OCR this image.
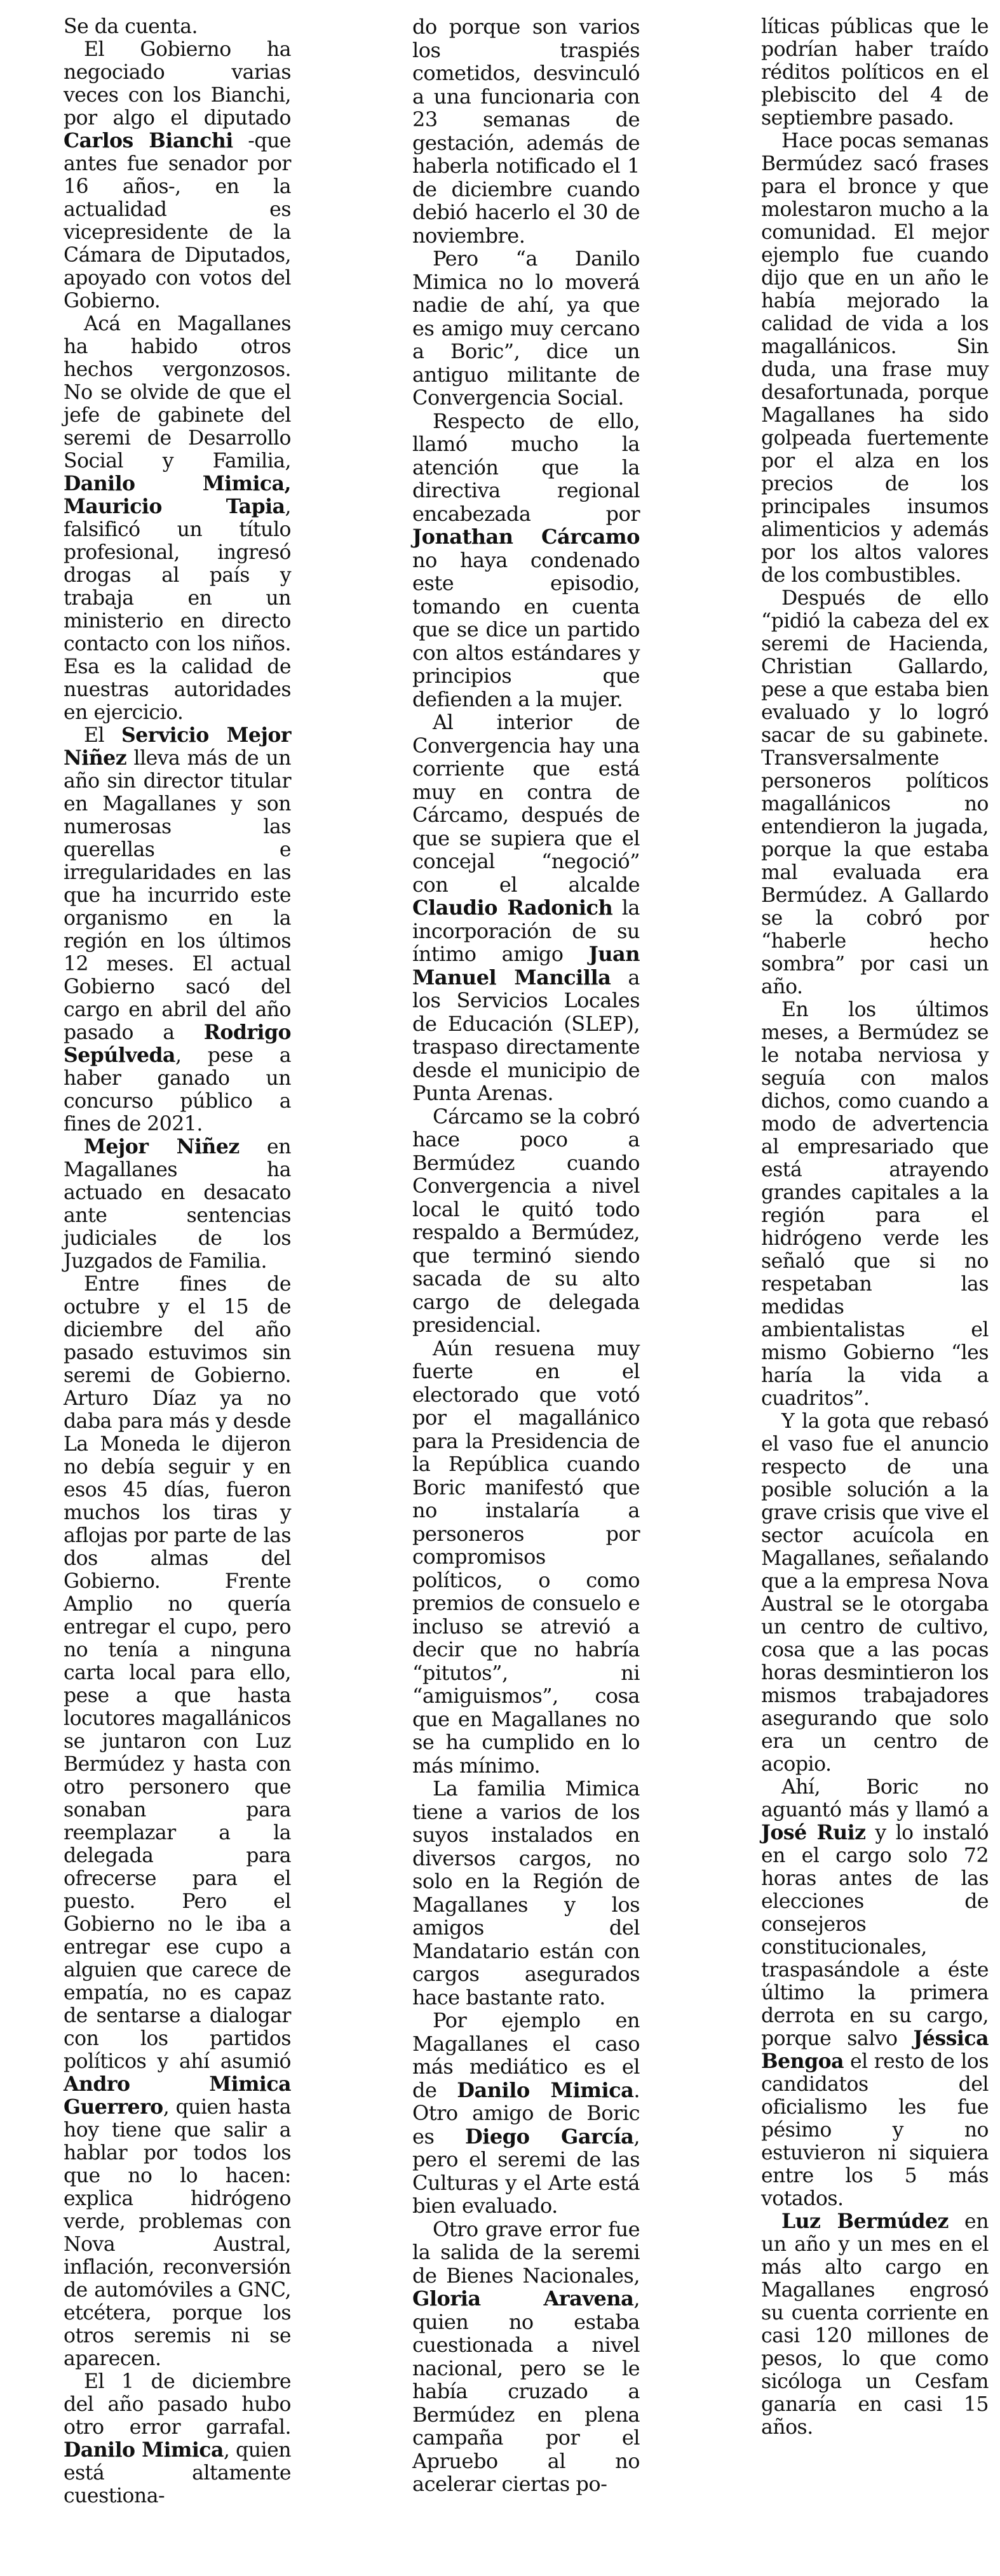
Se da cuenta.

El Gobierno ha negociado varias veces con los Bianchi, por algo el diputado Carlos Bianchi -que antes fue senador por 16 años-, en la actualidad es vicepresidente de la Cámara de Diputados, apoyado con votos del Gobierno.

Acá en Magallanes ha habido otros hechos vergonzosos. No se olvide de que el jefe de gabinete del seremi de Desarrollo Social y Familia, Danilo Mimica, Mauricio Tapia, falsificó un título profesional, ingresó drogas al país y trabaja en un ministerio en directo contacto con los niños. Esa es la calidad de nuestras autoridades en ejercicio.

El Servicio Mejor Niñez lleva más de un año sin director titular en Magallanes y son numerosas las querellas e irregularidades en las que ha incurrido este organismo en la región en los últimos 12 meses. El actual Gobierno sacó del cargo en abril del año pasado a Rodrigo Sepúlveda, pese a haber ganado un concurso público a fines de 2021.

Mejor Niñez en Magallanes ha actuado en desacato ante sentencias judiciales de los Juzgados de Familia.

Entre fines de octubre y el 15 de diciembre del año pasado estuvimos sin seremi de Gobierno. Arturo Díaz ya no daba para más y desde La Moneda le dijeron no debía seguir y en esos 45 días, fueron muchos los tiras y aflojas por parte de las dos almas del Gobierno. Frente Amplio no quería entregar el cupo, pero no tenía a ninguna carta local para ello, pese a que hasta locutores magallánicos se juntaron con Luz Bermúdez y hasta con otro personero que sonaban para reemplazar a la delegada para ofrecerse para el puesto. Pero el Gobierno no le iba a entregar ese cupo a alguien que carece de empatía, no es capaz de sentarse a dialogar con los partidos políticos y ahí asumió Andro Mimica Guerrero, quien hasta hoy tiene que salir a hablar por todos los que no lo hacen: explica hidrógeno verde, problemas con Nova Austral, inflación, reconversión de automóviles a GNC, etcétera, porque los otros seremis ni se aparecen.

El 1 de diciembre del año pasado hubo otro error garrafal. Danilo Mimica, quien está altamente cuestiona-

do porque son varios los traspiés cometidos, desvinculó a una funcionaria con 23 semanas de gestación, además de haberla notificado el 1 de diciembre cuando debió hacerlo el 30 de noviembre.

Pero “a Danilo Mimica no lo moverá nadie de ahí, ya que es amigo muy cercano a Boric”, dice un antiguo militante de Convergencia Social.

Respecto de ello, llamó mucho la atención que la directiva regional encabezada por Jonathan Cárcamo no haya condenado este episodio, tomando en cuenta que se dice un partido con altos estándares y principios que defienden a la mujer.

Al interior de Convergencia hay una corriente que está muy en contra de Cárcamo, después de que se supiera que el concejal “negoció” con el alcalde Claudio Radonich la incorporación de su íntimo amigo Juan Manuel Mancilla a los Servicios Locales de Educación (SLEP), traspaso directamente desde el municipio de Punta Arenas.

Cárcamo se la cobró hace poco a Bermúdez cuando Convergencia a nivel local le quitó todo respaldo a Bermúdez, que terminó siendo sacada de su alto cargo de delegada presidencial.

Aún resuena muy fuerte en el electorado que votó por el magallánico para la Presidencia de la República cuando Boric manifestó que no instalaría a personeros por compromisos políticos, o como premios de consuelo e incluso se atrevió a decir que no habría “pitutos”, ni “amiguismos”, cosa que en Magallanes no se ha cumplido en lo más mínimo.

La familia Mimica tiene a varios de los suyos instalados en diversos cargos, no solo en la Región de Magallanes y los amigos del Mandatario están con cargos asegurados hace bastante rato.

Por ejemplo en Magallanes el caso más mediático es el de Danilo Mimica. Otro amigo de Boric es Diego García, pero el seremi de las Culturas y el Arte está bien evaluado.

Otro grave error fue la salida de la seremi de Bienes Nacionales, Gloria Aravena, quien no estaba cuestionada a nivel nacional, pero se le había cruzado a Bermúdez en plena campaña por el Apruebo al no acelerar ciertas po-

líticas públicas que le podrían haber traído réditos políticos en el plebiscito del 4 de septiembre pasado.

Hace pocas semanas Bermúdez sacó frases para el bronce y que molestaron mucho a la comunidad. El mejor ejemplo fue cuando dijo que en un año le había mejorado la calidad de vida a los magallánicos. Sin duda, una frase muy desafortunada, porque Magallanes ha sido golpeada fuertemente por el alza en los precios de los principales insumos alimenticios y además por los altos valores de los combustibles.

Después de ello “pidió la cabeza del ex seremi de Hacienda, Christian Gallardo, pese a que estaba bien evaluado y lo logró sacar de su gabinete. Transversalmente personeros políticos magallánicos no entendieron la jugada, porque la que estaba mal evaluada era Bermúdez. A Gallardo se la cobró por “haberle hecho sombra” por casi un año.

En los últimos meses, a Bermúdez se le notaba nerviosa y seguía con malos dichos, como cuando a modo de advertencia al empresariado que está atrayendo grandes capitales a la región para el hidrógeno verde les señaló que si no respetaban las medidas ambientalistas el mismo Gobierno “les haría la vida a cuadritos”.

Y la gota que rebasó el vaso fue el anuncio respecto de una posible solución a la grave crisis que vive el sector acuícola en Magallanes, señalando que a la empresa Nova Austral se le otorgaba un centro de cultivo, cosa que a las pocas horas desmintieron los mismos trabajadores asegurando que solo era un centro de acopio.

Ahí, Boric no aguantó más y llamó a José Ruiz y lo instaló en el cargo solo 72 horas antes de las elecciones de consejeros constitucionales, traspasándole a éste último la primera derrota en su cargo, porque salvo Jéssica Bengoa el resto de los candidatos del oficialismo les fue pésimo y no estuvieron ni siquiera entre los 5 más votados.

Luz Bermúdez en un año y un mes en el más alto cargo en Magallanes engrosó su cuenta corriente en casi 120 millones de pesos, lo que como sicóloga un Cesfam ganaría en casi 15 años.
